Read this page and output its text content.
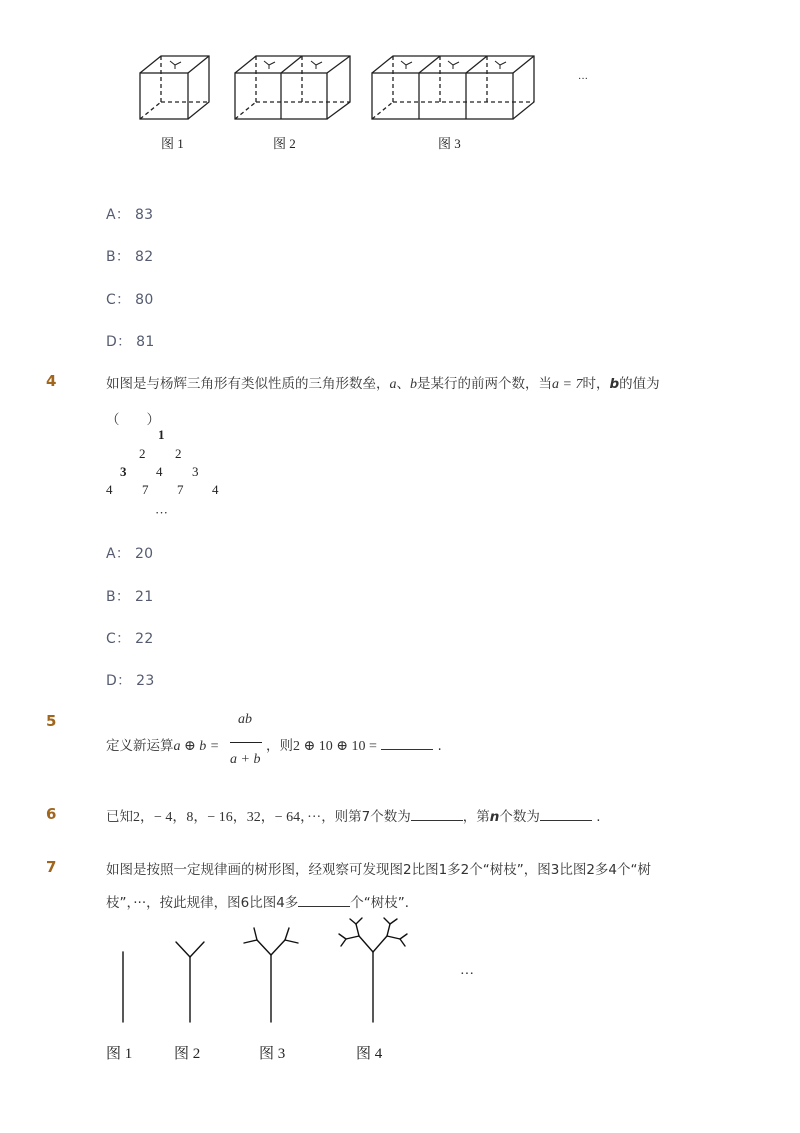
图 1	图 2	图 3
···
A： 83
B： 82
C： 80
D： 81
4	如图是与杨辉三角形有类似性质的三角形数垒，a、b是某行的前两个数，当a = 7时，b的值为
（　　）
1
2 2
3 4 3
4 7 7 4
···
A： 20
B： 21
C： 22
D： 23
5
定义新运算a ⊕ b =
ab
a + b
，则2 ⊕ 10 ⊕ 10 =	.
6	已知2，− 4，8，− 16，32，− 64，···，则第7个数为	，第n个数为	.
7	如图是按照一定规律画的树形图，经观察可发现图2比图1多2个“树枝”，图3比图2多4个“树
枝”，···，按此规律，图6比图4多	个“树枝”．
···
图 1	图 2	图 3	图 4
